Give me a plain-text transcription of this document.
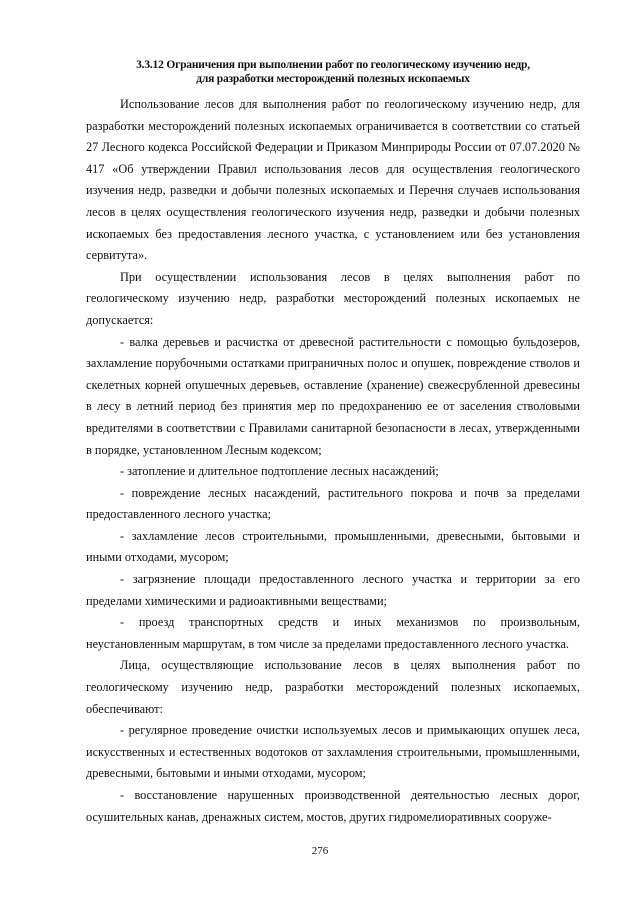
3.3.12 Ограничения при выполнении работ по геологическому изучению недр,
для разработки месторождений полезных ископаемых

Использование лесов для выполнения работ по геологическому изучению недр, для разработки месторождений полезных ископаемых ограничивается в соответствии со статьей 27 Лесного кодекса Российской Федерации и Приказом Минприроды России от 07.07.2020 № 417 «Об утверждении Правил использования лесов для осуществления геологического изучения недр, разведки и добычи полезных ископаемых и Перечня случаев использования лесов в целях осуществления геологического изучения недр, разведки и добычи полезных ископаемых без предоставления лесного участка, с установлением или без установления сервитута».

При осуществлении использования лесов в целях выполнения работ по геологическому изучению недр, разработки месторождений полезных ископаемых не допускается:

- валка деревьев и расчистка от древесной растительности с помощью бульдозеров, захламление порубочными остатками приграничных полос и опушек, повреждение стволов и скелетных корней опушечных деревьев, оставление (хранение) свежесрубленной древесины в лесу в летний период без принятия мер по предохранению ее от заселения стволовыми вредителями в соответствии с Правилами санитарной безопасности в лесах, утвержденными в порядке, установленном Лесным кодексом;

- затопление и длительное подтопление лесных насаждений;

- повреждение лесных насаждений, растительного покрова и почв за пределами предоставленного лесного участка;

- захламление лесов строительными, промышленными, древесными, бытовыми и иными отходами, мусором;

- загрязнение площади предоставленного лесного участка и территории за его пределами химическими и радиоактивными веществами;

- проезд транспортных средств и иных механизмов по произвольным, неустановленным маршрутам, в том числе за пределами предоставленного лесного участка.

Лица, осуществляющие использование лесов в целях выполнения работ по геологическому изучению недр, разработки месторождений полезных ископаемых, обеспечивают:

- регулярное проведение очистки используемых лесов и примыкающих опушек леса, искусственных и естественных водотоков от захламления строительными, промышленными, древесными, бытовыми и иными отходами, мусором;

- восстановление нарушенных производственной деятельностью лесных дорог, осушительных канав, дренажных систем, мостов, других гидромелиоративных сооруже-

276
